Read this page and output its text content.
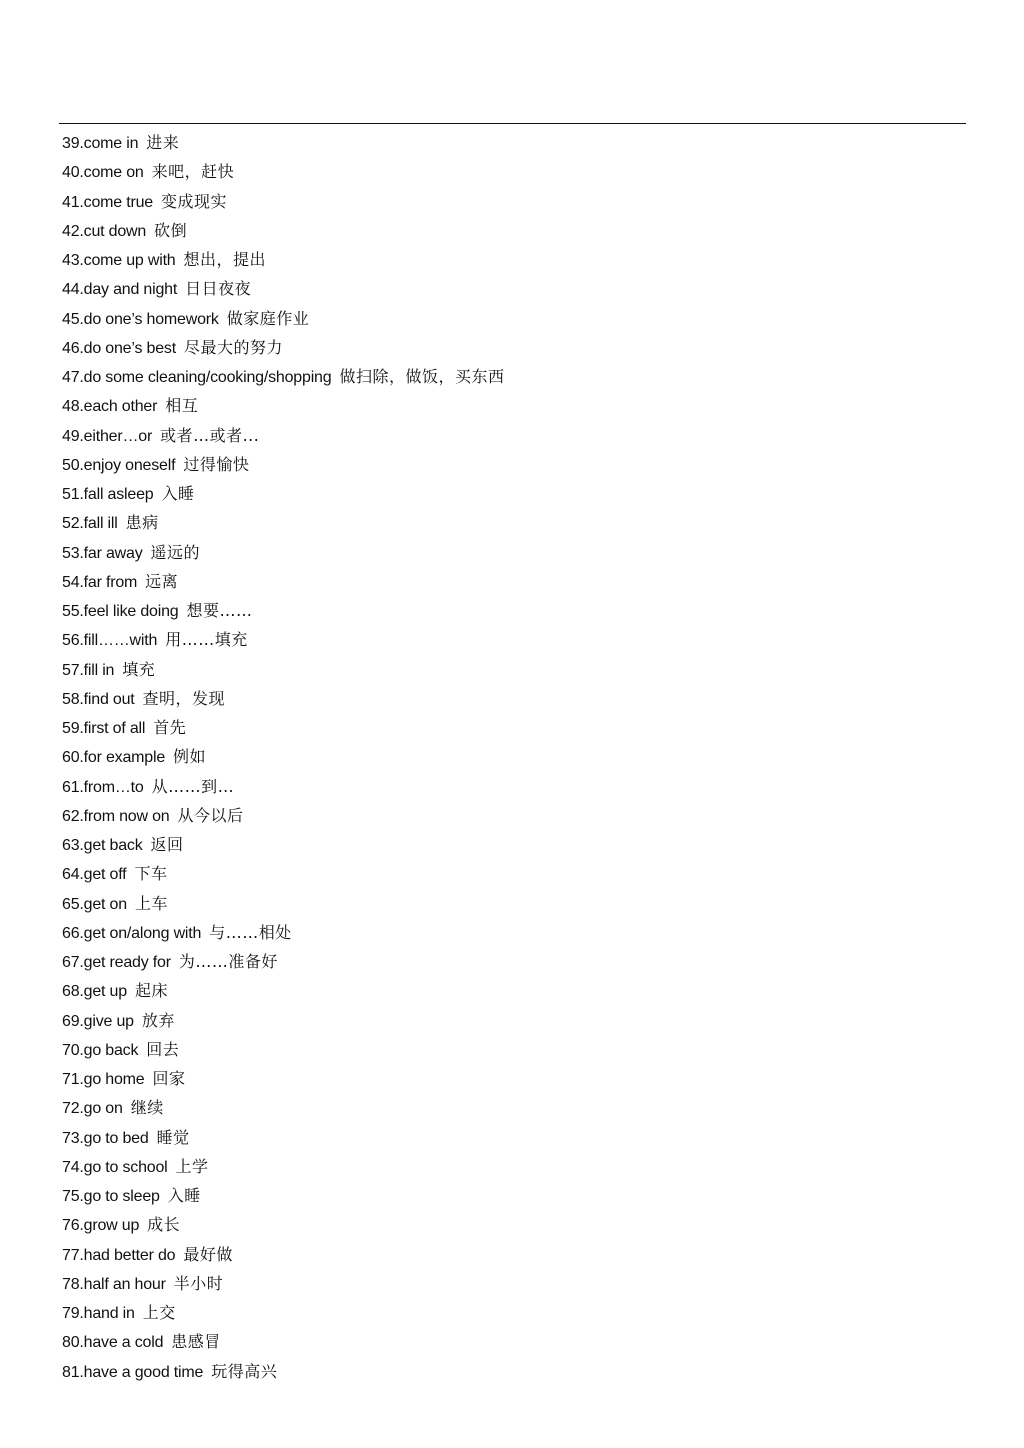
39.come in 进来
40.come on 来吧，赶快
41.come true 变成现实
42.cut down 砍倒
43.come up with 想出，提出
44.day and night 日日夜夜
45.do one’s homework 做家庭作业
46.do one’s best 尽最大的努力
47.do some cleaning/cooking/shopping 做扫除，做饭，买东西
48.each other 相互
49.either…or 或者…或者...
50.enjoy oneself 过得愉快
51.fall asleep 入睡
52.fall ill 患病
53.far away 遥远的
54.far from 远离
55.feel like doing 想要……
56.fill……with 用……填充
57.fill in 填充
58.find out 查明，发现
59.first of all 首先
60.for example 例如
61.from…to 从……到…
62.from now on 从今以后
63.get back 返回
64.get off 下车
65.get on 上车
66.get on/along with 与……相处
67.get ready for 为……准备好
68.get up 起床
69.give up 放弃
70.go back 回去
71.go home 回家
72.go on 继续
73.go to bed 睡觉
74.go to school 上学
75.go to sleep 入睡
76.grow up 成长
77.had better do 最好做
78.half an hour 半小时
79.hand in 上交
80.have a cold 患感冒
81.have a good time 玩得高兴
